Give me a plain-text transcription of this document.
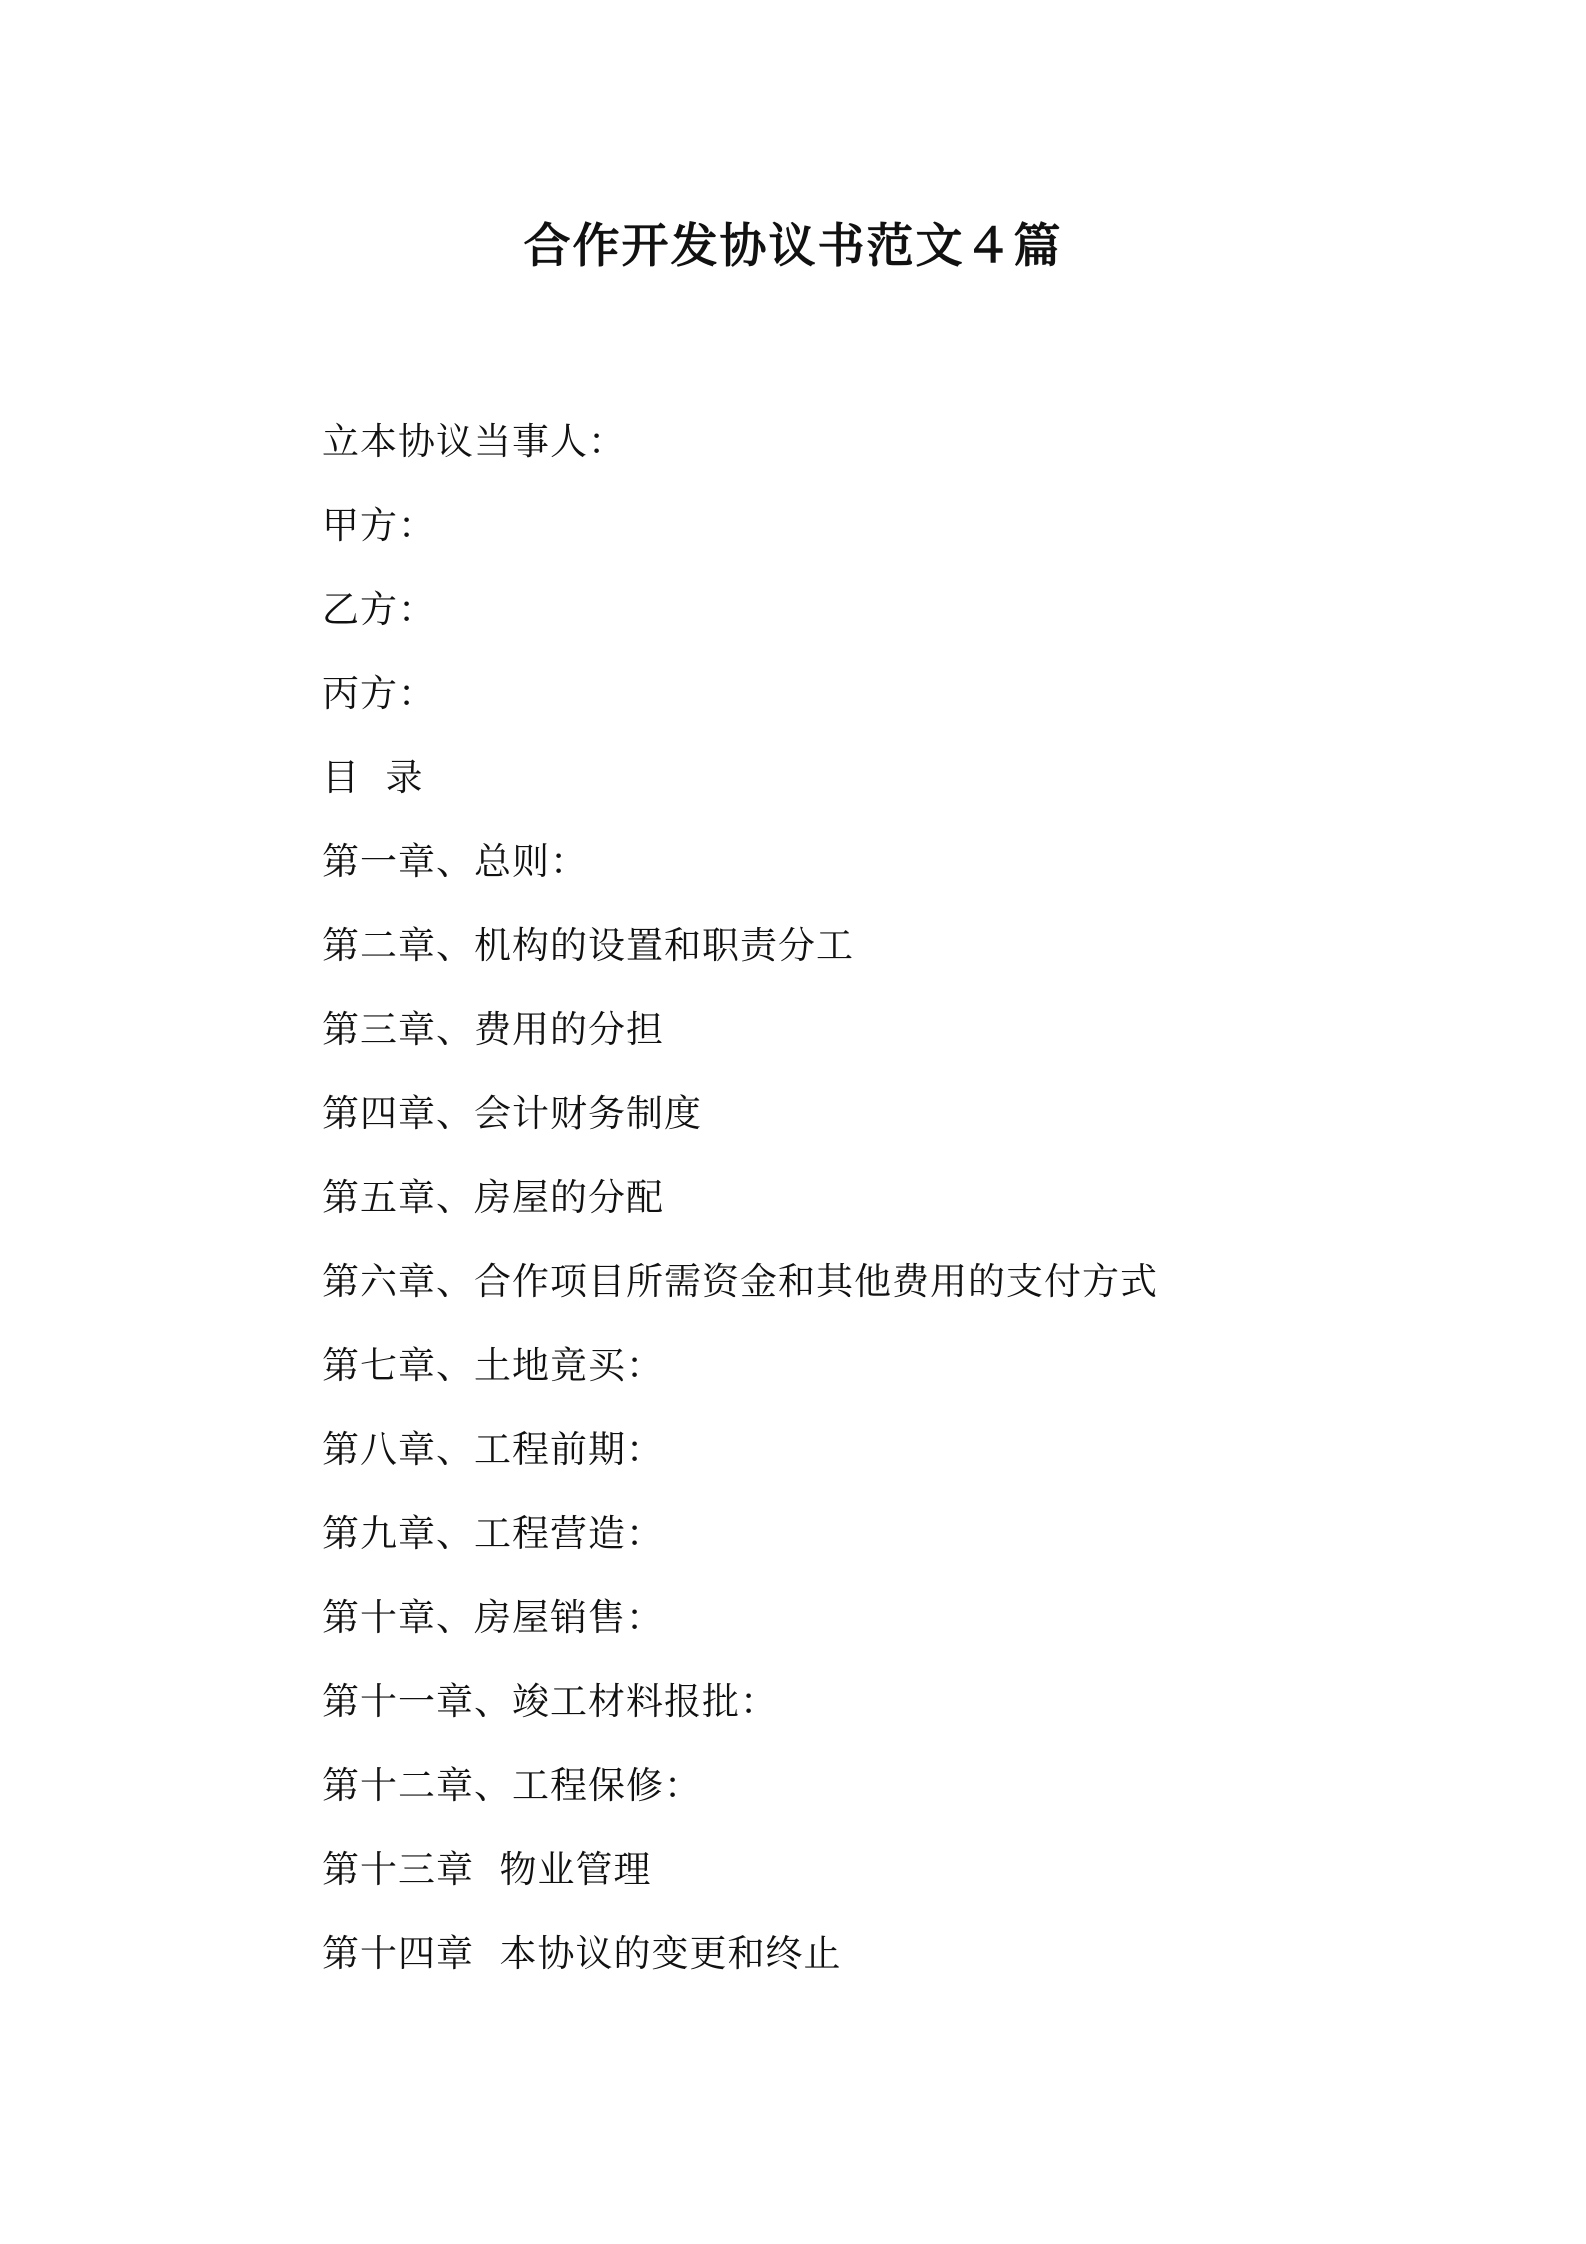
合作开发协议书范文４篇

立本协议当事人：

甲方：

乙方：

丙方：

目  录

第一章、总则：

第二章、机构的设置和职责分工

第三章、费用的分担

第四章、会计财务制度

第五章、房屋的分配

第六章、合作项目所需资金和其他费用的支付方式

第七章、土地竟买：

第八章、工程前期：

第九章、工程营造：

第十章、房屋销售：

第十一章、竣工材料报批：

第十二章、工程保修：

第十三章  物业管理

第十四章  本协议的变更和终止
